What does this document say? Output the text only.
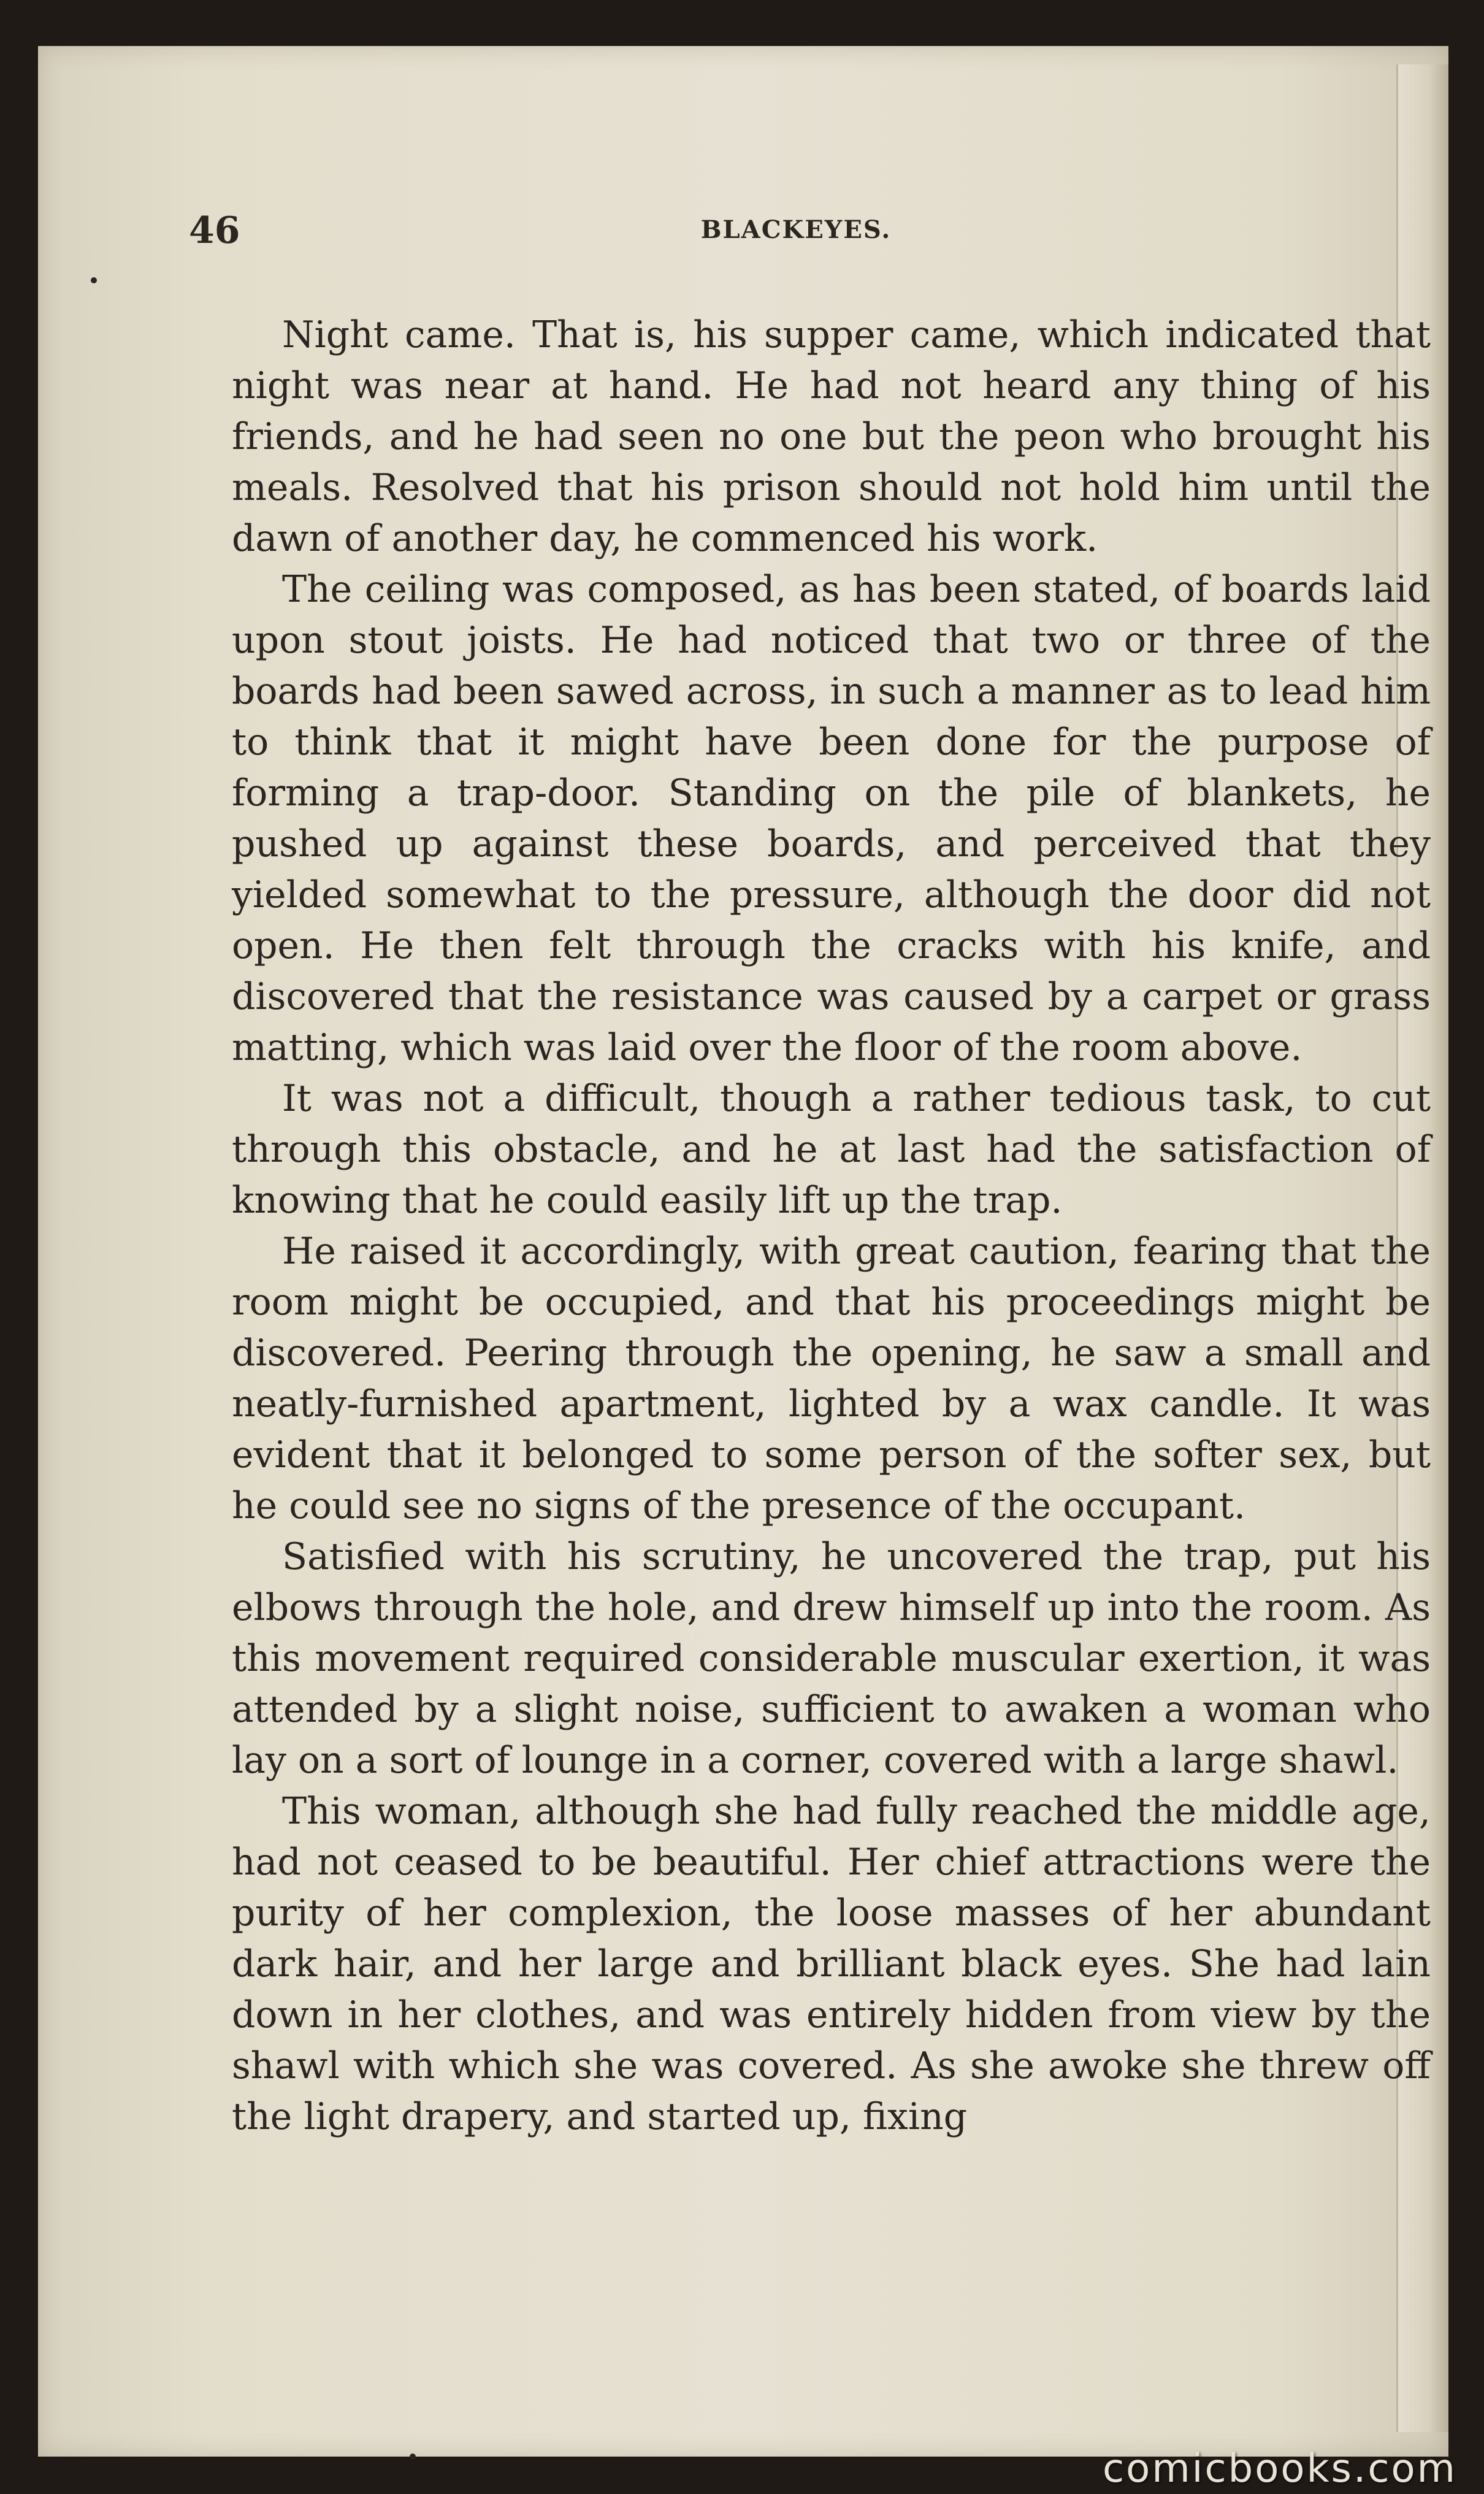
46	BLACKEYES.

Night came. That is, his supper came, which indicated that night was near at hand. He had not heard any thing of his friends, and he had seen no one but the peon who brought his meals. Resolved that his prison should not hold him until the dawn of another day, he commenced his work.

The ceiling was composed, as has been stated, of boards laid upon stout joists. He had noticed that two or three of the boards had been sawed across, in such a manner as to lead him to think that it might have been done for the purpose of forming a trap-door. Standing on the pile of blankets, he pushed up against these boards, and perceived that they yielded somewhat to the pressure, although the door did not open. He then felt through the cracks with his knife, and discovered that the resistance was caused by a carpet or grass matting, which was laid over the floor of the room above.

It was not a difficult, though a rather tedious task, to cut through this obstacle, and he at last had the satisfaction of knowing that he could easily lift up the trap.

He raised it accordingly, with great caution, fearing that the room might be occupied, and that his proceedings might be discovered. Peering through the opening, he saw a small and neatly-furnished apartment, lighted by a wax candle. It was evident that it belonged to some person of the softer sex, but he could see no signs of the presence of the occupant.

Satisfied with his scrutiny, he uncovered the trap, put his elbows through the hole, and drew himself up into the room. As this movement required considerable muscular exertion, it was attended by a slight noise, sufficient to awaken a woman who lay on a sort of lounge in a corner, covered with a large shawl.

This woman, although she had fully reached the middle age, had not ceased to be beautiful. Her chief attractions were the purity of her complexion, the loose masses of her abundant dark hair, and her large and brilliant black eyes. She had lain down in her clothes, and was entirely hidden from view by the shawl with which she was covered. As she awoke she threw off the light drapery, and started up, fixing

comicbooks.com
